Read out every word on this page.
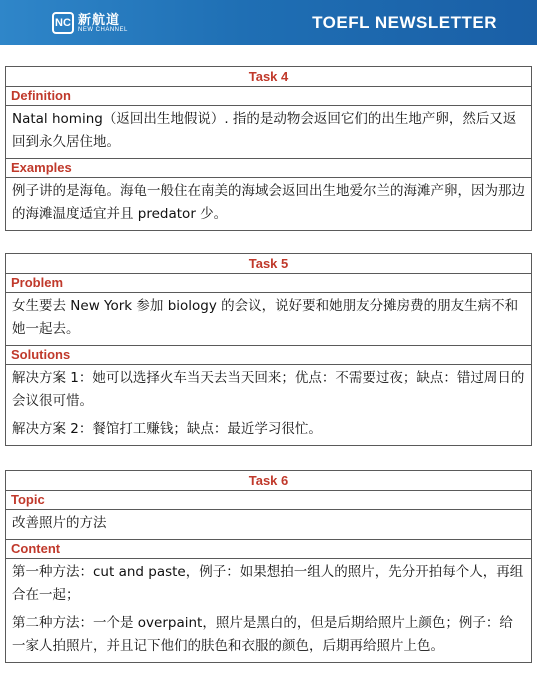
NC 新航道
NEW CHANNEL	TOEFL NEWSLETTER
Task 4
Definition

Natal homing（返回出生地假说）. 指的是动物会返回它们的出生地产卵，然后又返回到永久居住地。

Examples

例子讲的是海龟。海龟一般住在南美的海域会返回出生地爱尔兰的海滩产卵，因为那边的海滩温度适宜并且 predator 少。

Task 5
Problem

女生要去 New York 参加 biology 的会议，说好要和她朋友分摊房费的朋友生病不和她一起去。

Solutions

解决方案 1：她可以选择火车当天去当天回来；优点：不需要过夜；缺点：错过周日的会议很可惜。

解决方案 2：餐馆打工赚钱；缺点：最近学习很忙。

Task 6
Topic

改善照片的方法

Content

第一种方法：cut and paste，例子：如果想拍一组人的照片，先分开拍每个人，再组合在一起；

第二种方法：一个是 overpaint，照片是黑白的，但是后期给照片上颜色；例子：给一家人拍照片，并且记下他们的肤色和衣服的颜色，后期再给照片上色。
